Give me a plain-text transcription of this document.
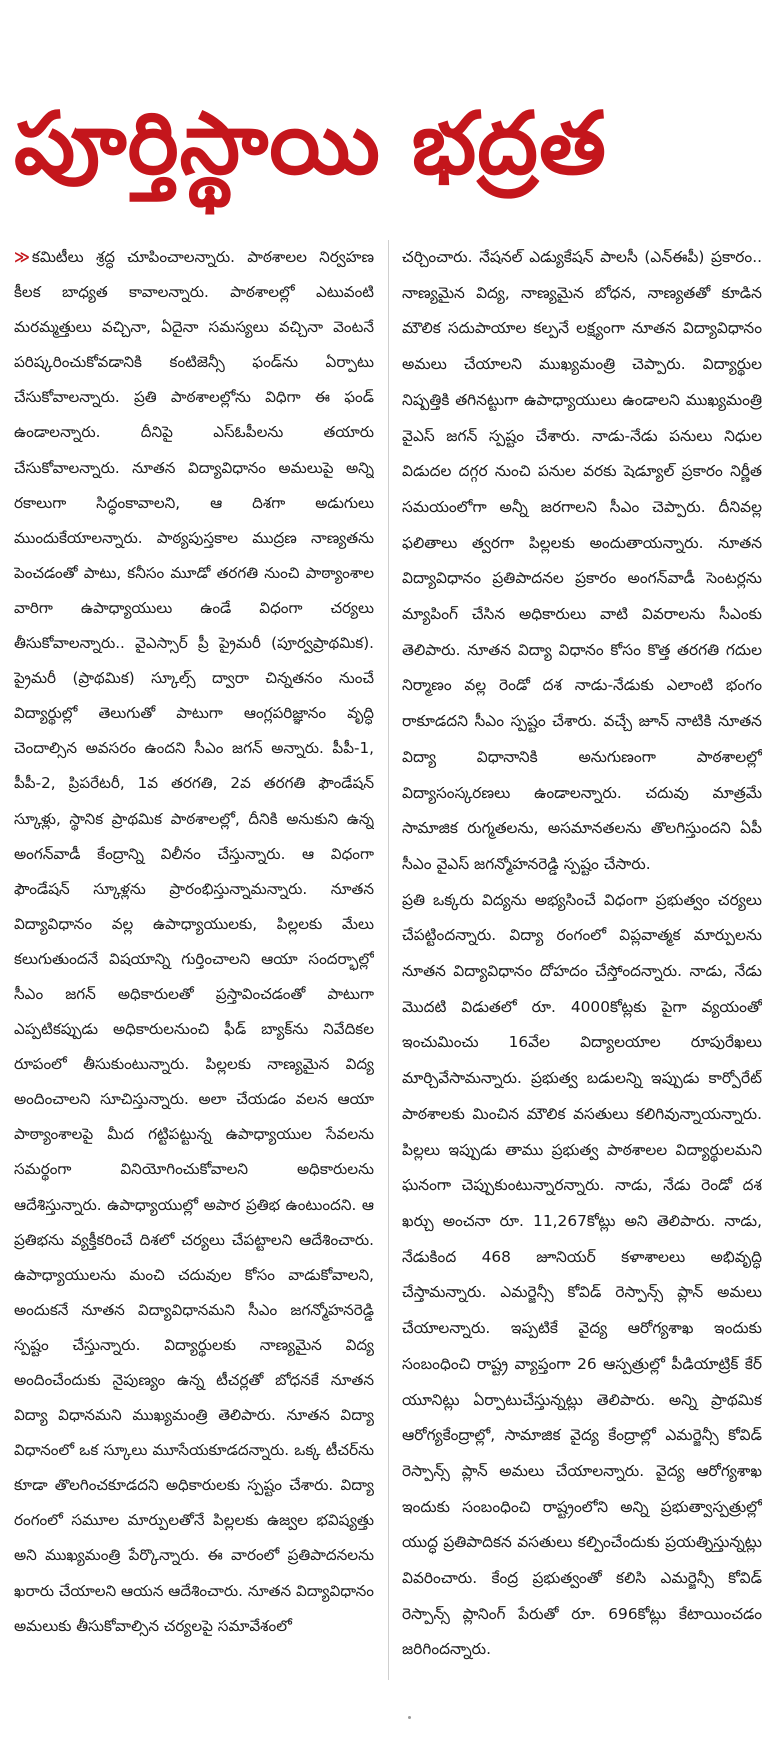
పూర్తిస్థాయి భద్రత

≫ కమిటీలు శ్రద్ధ చూపించాలన్నారు. పాఠశాలల నిర్వహణ కీలక బాధ్యత కావాలన్నారు. పాఠశాలల్లో ఎటువంటి మరమ్మత్తులు వచ్చినా, ఏదైనా సమస్యలు వచ్చినా వెంటనే పరిష్కరించుకోవడానికి కంటిజెన్సీ ఫండ్‌ను ఏర్పాటు చేసుకోవాలన్నారు. ప్రతి పాఠశాలల్లోను విధిగా ఈ ఫండ్ ఉండాలన్నారు. దీనిపై ఎస్ఓపీలను తయారు చేసుకోవాలన్నారు. నూతన విద్యావిధానం అమలుపై అన్ని రకాలుగా సిద్ధంకావాలని, ఆ దిశగా అడుగులు ముందుకేయాలన్నారు. పాఠ్యపుస్తకాల ముద్రణ నాణ్యతను పెంచడంతో పాటు, కనీసం మూడో తరగతి నుంచి పాఠ్యాంశాల వారిగా ఉపాధ్యాయులు ఉండే విధంగా చర్యలు తీసుకోవాలన్నారు.. వైఎస్సార్ ప్రీ ప్రైమరీ (పూర్వప్రాథమిక). ప్రైమరీ (ప్రాథమిక) స్కూల్స్ ద్వారా చిన్నతనం నుంచే విద్యార్థుల్లో తెలుగుతో పాటుగా ఆంగ్లపరిజ్ఞానం వృద్ధి చెందాల్సిన అవసరం ఉందని సీఎం జగన్ అన్నారు. పీపీ-1, పీపీ-2, ప్రిపరేటరీ, 1వ తరగతి, 2వ తరగతి ఫౌండేషన్ స్కూళ్లు, స్థానిక ప్రాథమిక పాఠశాలల్లో, దీనికి అనుకుని ఉన్న అంగన్‌వాడీ కేంద్రాన్ని విలీనం చేస్తున్నారు. ఆ విధంగా ఫౌండేషన్ స్కూళ్లను ప్రారంభిస్తున్నామన్నారు. నూతన విద్యావిధానం వల్ల ఉపాధ్యాయులకు, పిల్లలకు మేలు కలుగుతుందనే విషయాన్ని గుర్తించాలని ఆయా సందర్భాల్లో సీఎం జగన్ అధికారులతో ప్రస్తావించడంతో పాటుగా ఎప్పటికప్పుడు అధికారులనుంచి ఫీడ్ బ్యాక్‌ను నివేదికల రూపంలో తీసుకుంటున్నారు. పిల్లలకు నాణ్యమైన విద్య అందించాలని సూచిస్తున్నారు. అలా చేయడం వలన ఆయా పాఠ్యాంశాలపై మీద గట్టిపట్టున్న ఉపాధ్యాయుల సేవలను సమర్థంగా వినియోగించుకోవాలని అధికారులను ఆదేశిస్తున్నారు. ఉపాధ్యాయుల్లో అపార ప్రతిభ ఉంటుందని. ఆ ప్రతిభను వ్యక్తీకరించే దిశలో చర్యలు చేపట్టాలని ఆదేశించారు. ఉపాధ్యాయులను మంచి చదువుల కోసం వాడుకోవాలని, అందుకనే నూతన విద్యావిధానమని సీఎం జగన్మోహనరెడ్డి స్పష్టం చేస్తున్నారు. విద్యార్థులకు నాణ్యమైన విద్య అందించేందుకు నైపుణ్యం ఉన్న టీచర్లతో బోధనకే నూతన విద్యా విధానమని ముఖ్యమంత్రి తెలిపారు. నూతన విద్యా విధానంలో ఒక స్కూలు మూసేయకూడదన్నారు. ఒక్క టీచర్‌ను కూడా తొలగించకూడదని అధికారులకు స్పష్టం చేశారు. విద్యా రంగంలో సమూల మార్పులతోనే పిల్లలకు ఉజ్వల భవిష్యత్తు అని ముఖ్యమంత్రి పేర్కొన్నారు. ఈ వారంలో ప్రతిపాదనలను ఖరారు చేయాలని ఆయన ఆదేశించారు. నూతన విద్యావిధానం అమలుకు తీసుకోవాల్సిన చర్యలపై సమావేశంలో

చర్చించారు. నేషనల్ ఎడ్యుకేషన్ పాలసీ (ఎన్ఈపీ) ప్రకారం.. నాణ్యమైన విద్య, నాణ్యమైన బోధన, నాణ్యతతో కూడిన మౌలిక సదుపాయాల కల్పనే లక్ష్యంగా నూతన విద్యావిధానం అమలు చేయాలని ముఖ్యమంత్రి చెప్పారు. విద్యార్థుల నిష్పత్తికి తగినట్టుగా ఉపాధ్యాయులు ఉండాలని ముఖ్యమంత్రి వైఎస్ జగన్ స్పష్టం చేశారు. నాడు-నేడు పనులు నిధుల విడుదల దగ్గర నుంచి పనుల వరకు షెడ్యూల్ ప్రకారం నిర్ణీత సమయంలోగా అన్నీ జరగాలని సీఎం చెప్పారు. దీనివల్ల ఫలితాలు త్వరగా పిల్లలకు అందుతాయన్నారు. నూతన విద్యావిధానం ప్రతిపాదనల ప్రకారం అంగన్‌వాడీ సెంటర్లను మ్యాపింగ్ చేసిన అధికారులు వాటి వివరాలను సీఎంకు తెలిపారు. నూతన విద్యా విధానం కోసం కొత్త తరగతి గదుల నిర్మాణం వల్ల రెండో దశ నాడు-నేడుకు ఎలాంటి భంగం రాకూడదని సీఎం స్పష్టం చేశారు. వచ్చే జూన్ నాటికి నూతన విద్యా విధానానికి అనుగుణంగా పాఠశాలల్లో విద్యాసంస్కరణలు ఉండాలన్నారు. చదువు మాత్రమే సామాజిక రుగ్మతలను, అసమానతలను తొలగిస్తుందని ఏపీ సీఎం వైఎస్ జగన్మోహనరెడ్డి స్పష్టం చేసారు.

ప్రతి ఒక్కరు విద్యను అభ్యసించే విధంగా ప్రభుత్వం చర్యలు చేపట్టిందన్నారు. విద్యా రంగంలో విప్లవాత్మక మార్పులను నూతన విద్యావిధానం దోహదం చేస్తోందన్నారు. నాడు, నేడు మొదటి విడుతలో రూ. 4000కోట్లకు పైగా వ్యయంతో ఇంచుమించు 16వేల విద్యాలయాల రూపురేఖలు మార్చివేసామన్నారు. ప్రభుత్వ బడులన్ని ఇప్పుడు కార్పోరేట్ పాఠశాలకు మించిన మౌలిక వసతులు కలిగివున్నాయన్నారు. పిల్లలు ఇప్పుడు తాము ప్రభుత్వ పాఠశాలల విద్యార్థులమని ఘనంగా చెప్పుకుంటున్నారన్నారు. నాడు, నేడు రెండో దశ ఖర్చు అంచనా రూ. 11,267కోట్లు అని తెలిపారు. నాడు, నేడుకింద 468 జూనియర్ కళాశాలలు అభివృద్ధి చేస్తామన్నారు. ఎమర్జెన్సీ కోవిడ్ రెస్పాన్స్ ప్లాన్ అమలు చేయాలన్నారు. ఇప్పటికే వైద్య ఆరోగ్యశాఖ ఇందుకు సంబంధించి రాష్ట్ర వ్యాప్తంగా 26 ఆస్పత్రుల్లో పీడియాట్రిక్ కేర్ యూనిట్లు ఏర్పాటుచేస్తున్నట్లు తెలిపారు. అన్ని ప్రాథమిక ఆరోగ్యకేంద్రాల్లో, సామాజిక వైద్య కేంద్రాల్లో ఎమర్జెన్సీ కోవిడ్ రెస్పాన్స్ ప్లాన్ అమలు చేయాలన్నారు. వైద్య ఆరోగ్యశాఖ ఇందుకు సంబంధించి రాష్ట్రంలోని అన్ని ప్రభుత్వాస్పత్రుల్లో యుద్ధ ప్రతిపాదికన వసతులు కల్పించేందుకు ప్రయత్నిస్తున్నట్లు వివరించారు. కేంద్ర ప్రభుత్వంతో కలిసి ఎమర్జెన్సీ కోవిడ్ రెస్పాన్స్ ప్లానింగ్ పేరుతో రూ. 696కోట్లు కేటాయించడం జరిగిందన్నారు.
